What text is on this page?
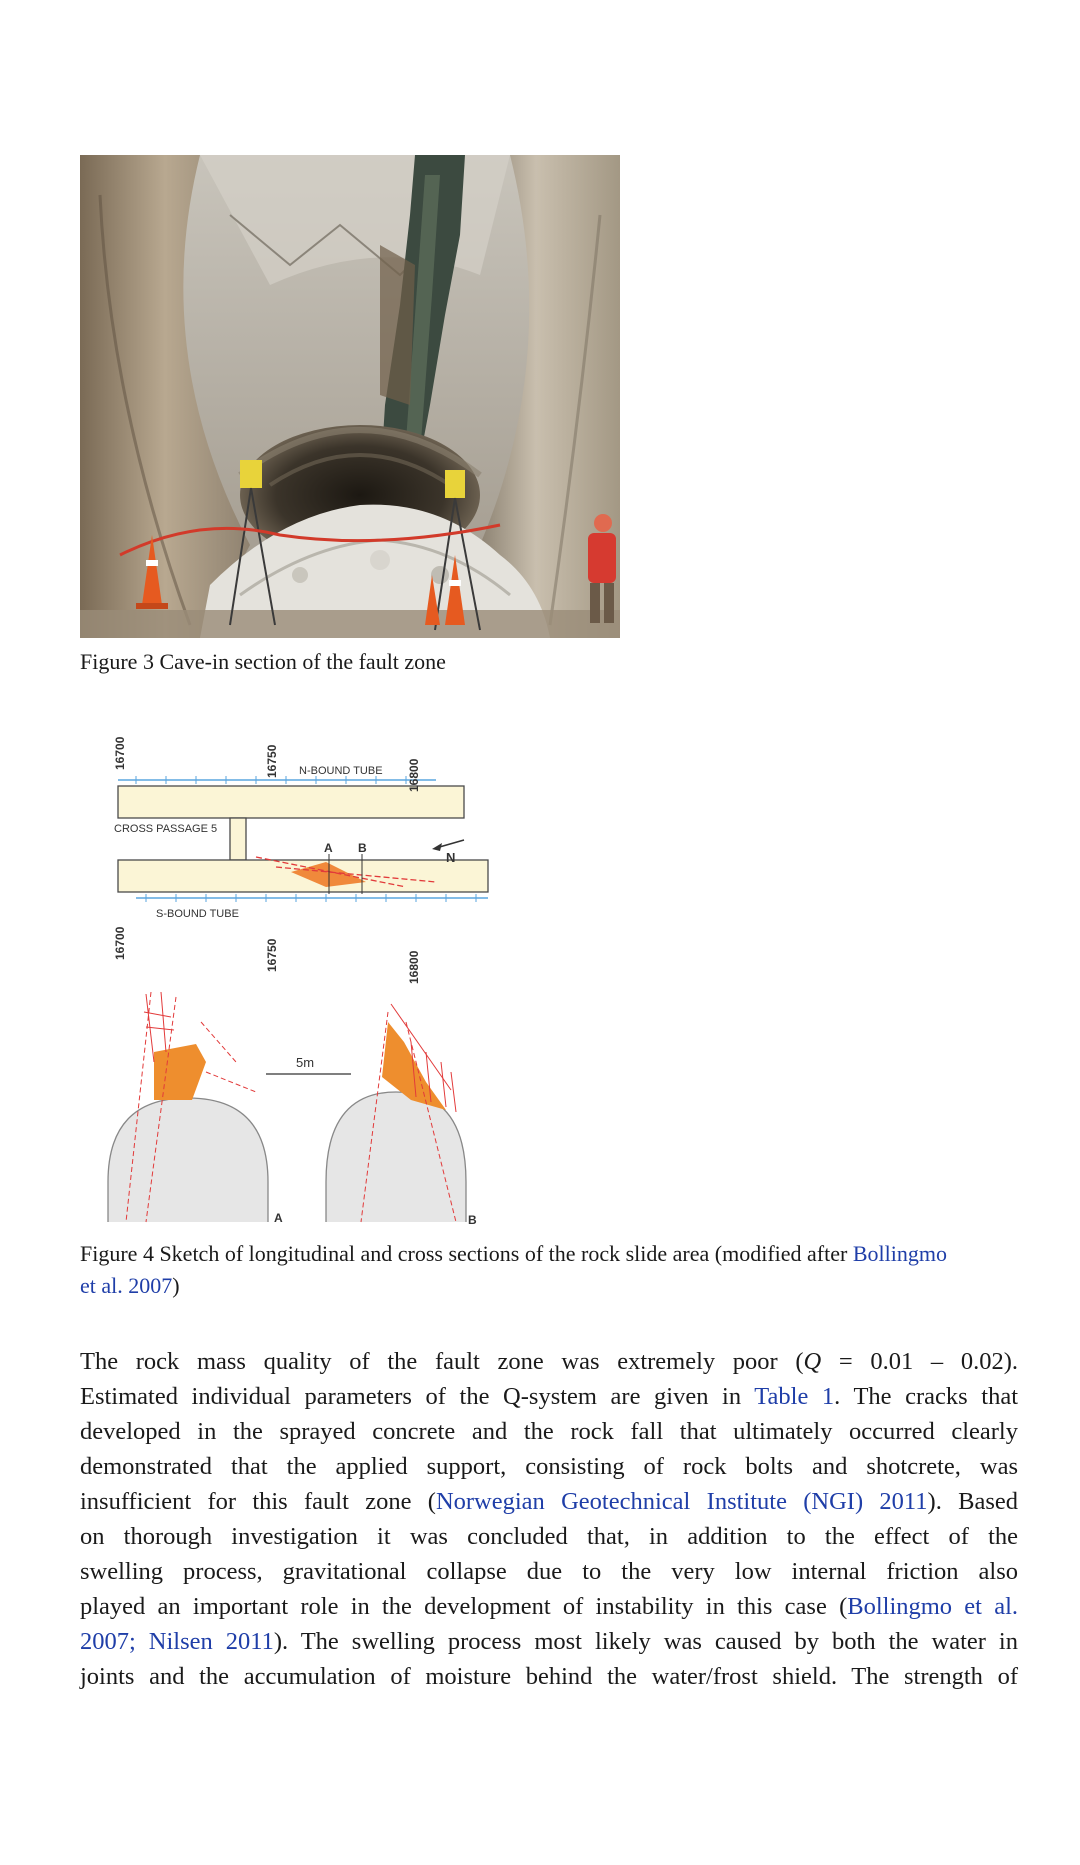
Figure 3 Cave-in section of the fault zone
16700	16750	16800
16700	16750	16800
N-BOUND TUBE
CROSS PASSAGE 5
S-BOUND TUBE
A B
N
5m
A	B
Figure 4 Sketch of longitudinal and cross sections of the rock slide area (modified after Bollingmo
et al. 2007)
The rock mass quality of the fault zone was extremely poor (Q = 0.01 – 0.02).
Estimated individual parameters of the Q-system are given in Table 1. The cracks that
developed in the sprayed concrete and the rock fall that ultimately occurred clearly
demonstrated that the applied support, consisting of rock bolts and shotcrete, was
insufficient for this fault zone (Norwegian Geotechnical Institute (NGI) 2011). Based
on thorough investigation it was concluded that, in addition to the effect of the
swelling process, gravitational collapse due to the very low internal friction also
played an important role in the development of instability in this case (Bollingmo et al.
2007; Nilsen 2011). The swelling process most likely was caused by both the water in
joints and the accumulation of moisture behind the water/frost shield. The strength of
